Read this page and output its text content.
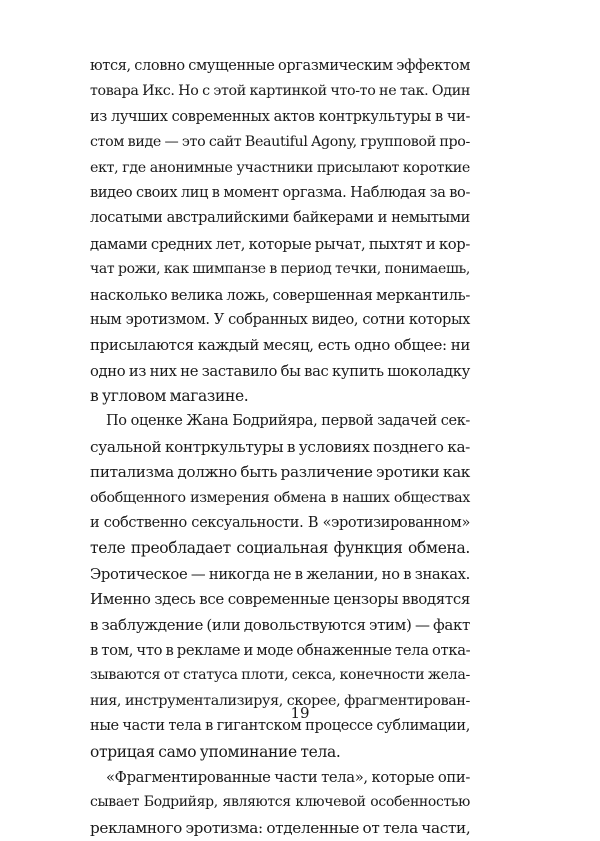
ются, словно смущенные оргазмическим эффектом
товара Икс. Но с этой картинкой что-то не так. Один
из лучших современных актов контркультуры в чи-
стом виде — это сайт Beautiful Agony, групповой про-
ект, где анонимные участники присылают короткие
видео своих лиц в момент оргазма. Наблюдая за во-
лосатыми австралийскими байкерами и немытыми
дамами средних лет, которые рычат, пыхтят и кор-
чат рожи, как шимпанзе в период течки, понимаешь,
насколько велика ложь, совершенная меркантиль-
ным эротизмом. У собранных видео, сотни которых
присылаются каждый месяц, есть одно общее: ни
одно из них не заставило бы вас купить шоколадку
в угловом магазине.
По оценке Жана Бодрийяра, первой задачей сек-
суальной контркультуры в условиях позднего ка-
питализма должно быть различение эротики как
обобщенного измерения обмена в наших обществах
и собственно сексуальности. В «эротизированном»
теле преобладает социальная функция обмена.
Эротическое — никогда не в желании, но в знаках.
Именно здесь все современные цензоры вводятся
в заблуждение (или довольствуются этим) — факт
в том, что в рекламе и моде обнаженные тела отка-
зываются от статуса плоти, секса, конечности жела-
ния, инструментализируя, скорее, фрагментирован-
ные части тела в гигантском процессе сублимации,
отрицая само упоминание тела.
«Фрагментированные части тела», которые опи-
сывает Бодрийяр, являются ключевой особенностью
рекламного эротизма: отделенные от тела части,
19
